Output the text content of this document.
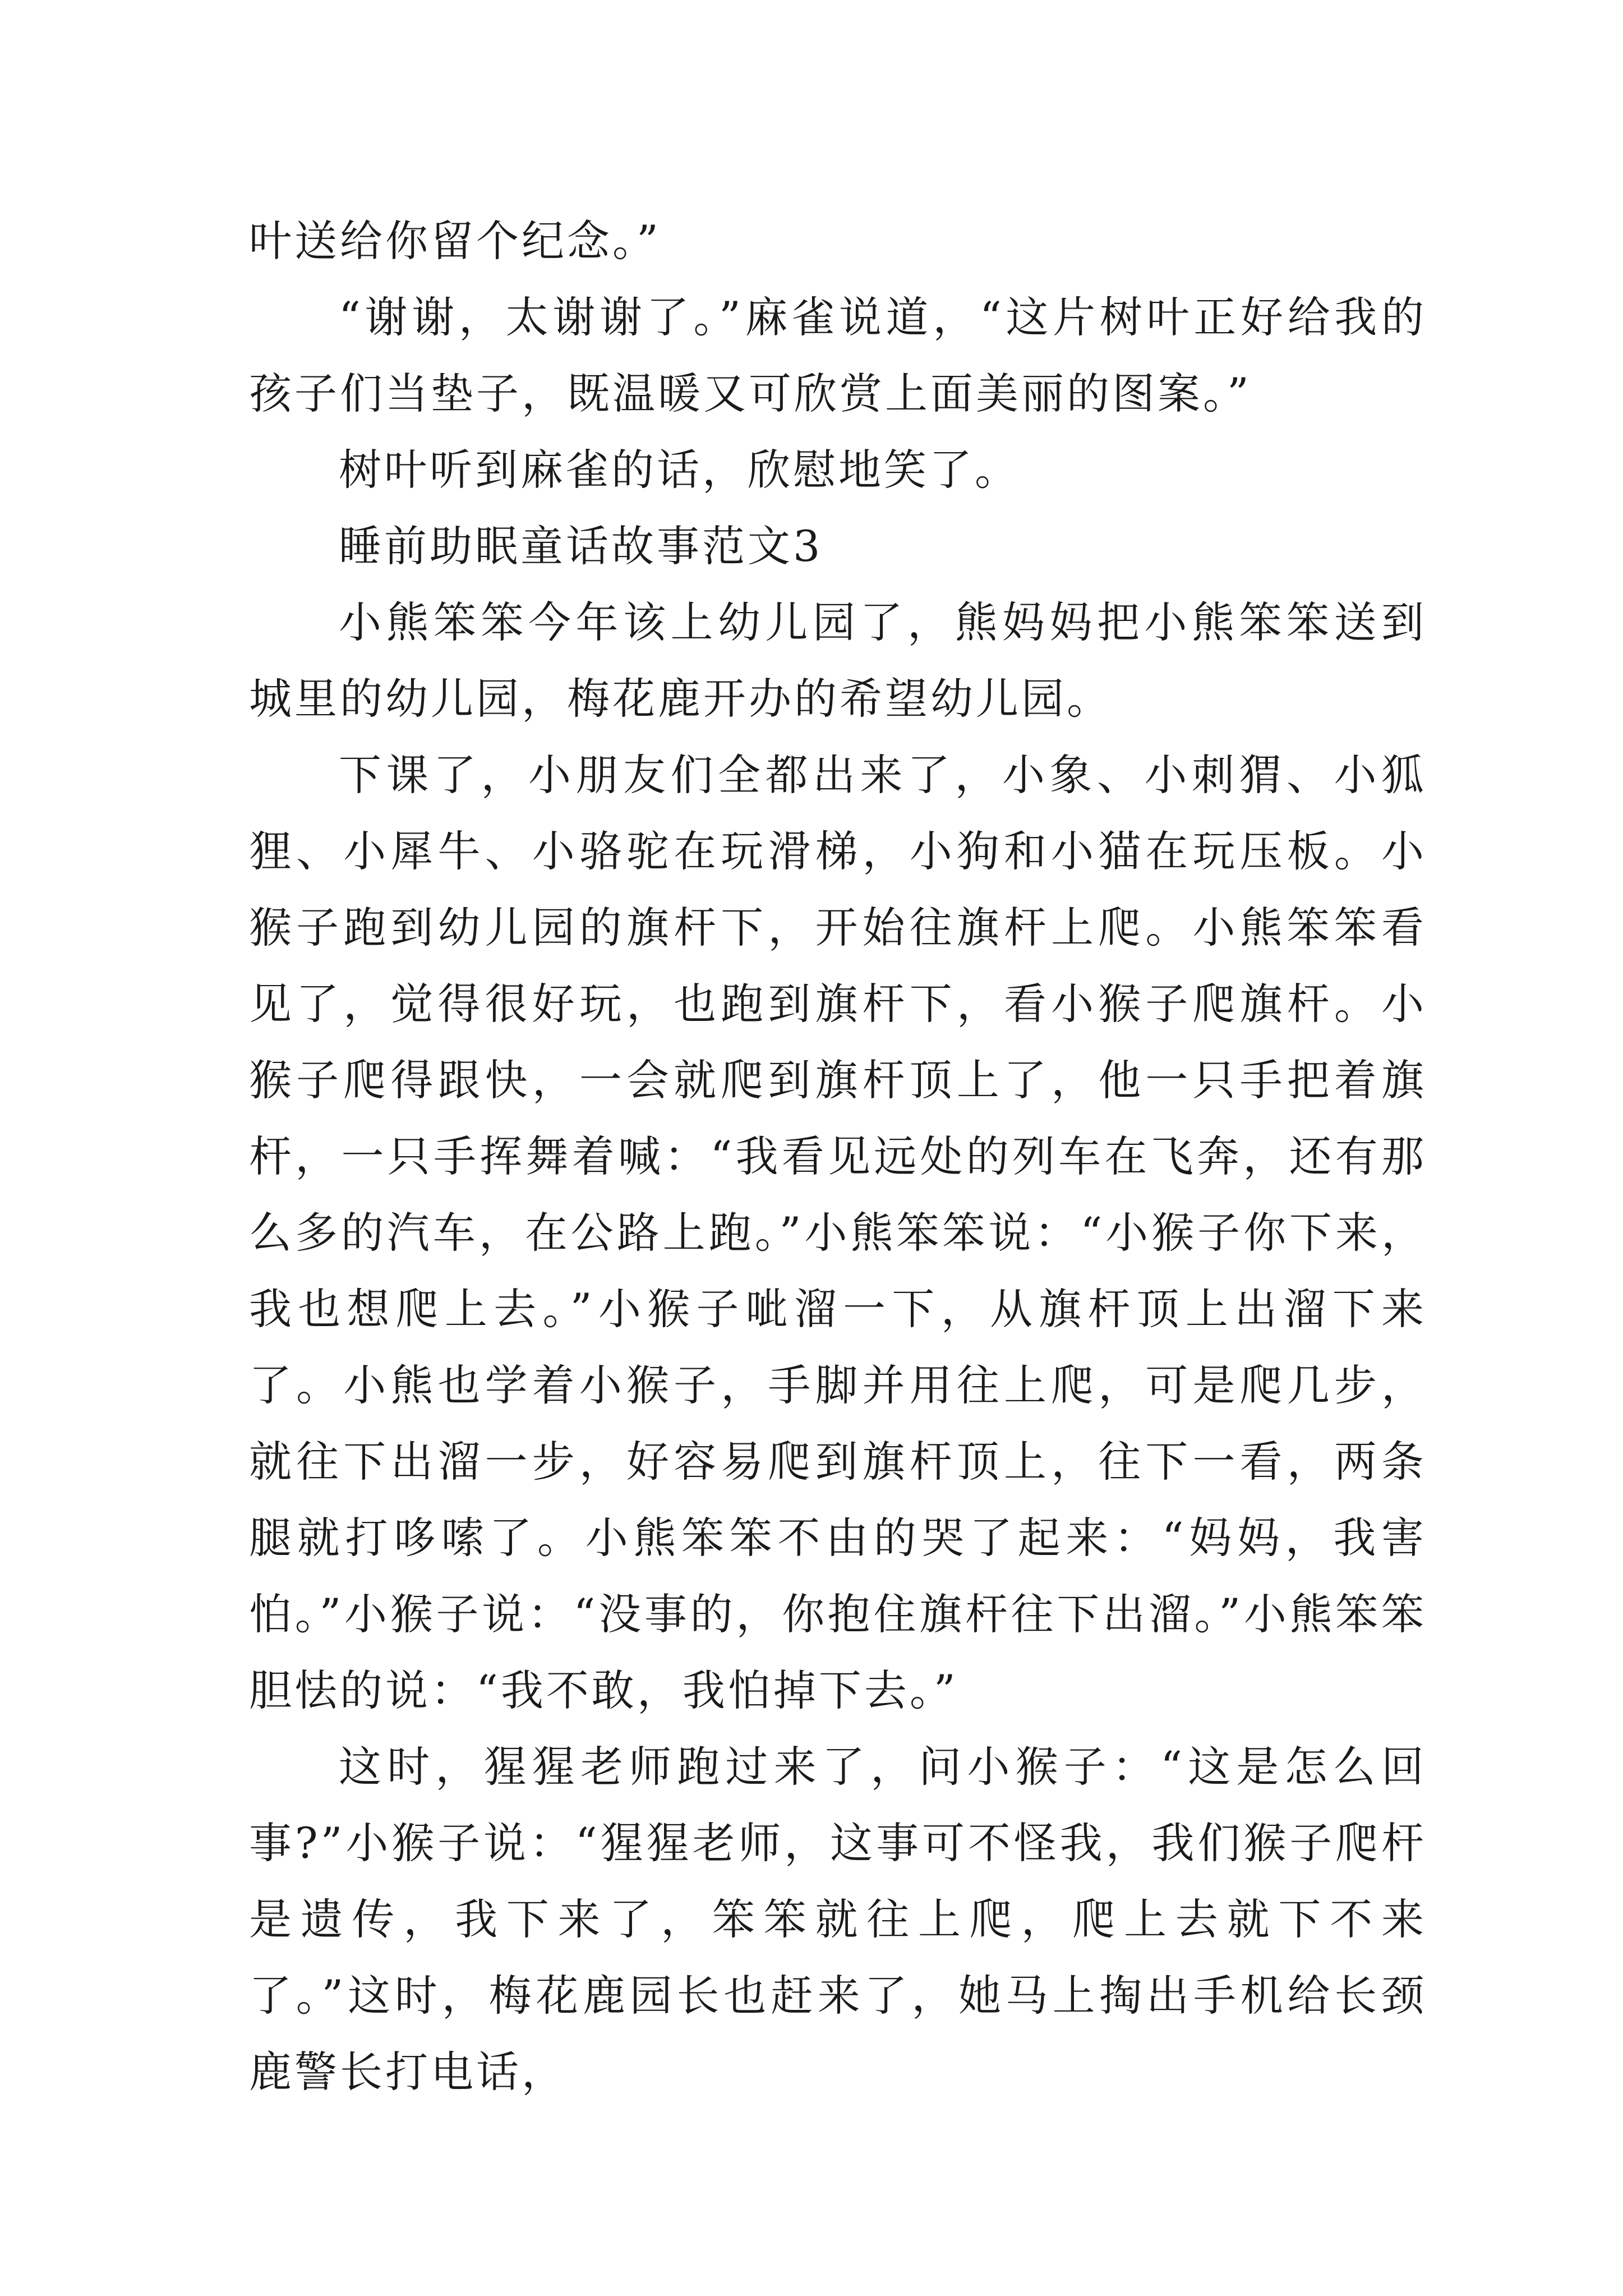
叶送给你留个纪念。”

“谢谢，太谢谢了。”麻雀说道，“这片树叶正好给我的孩子们当垫子，既温暖又可欣赏上面美丽的图案。”

树叶听到麻雀的话，欣慰地笑了。

睡前助眠童话故事范文3

小熊笨笨今年该上幼儿园了，熊妈妈把小熊笨笨送到城里的幼儿园，梅花鹿开办的希望幼儿园。

下课了，小朋友们全都出来了，小象、小刺猬、小狐狸、小犀牛、小骆驼在玩滑梯，小狗和小猫在玩压板。小猴子跑到幼儿园的旗杆下，开始往旗杆上爬。小熊笨笨看见了，觉得很好玩，也跑到旗杆下，看小猴子爬旗杆。小猴子爬得跟快，一会就爬到旗杆顶上了，他一只手把着旗杆，一只手挥舞着喊：“我看见远处的列车在飞奔，还有那么多的汽车，在公路上跑。”小熊笨笨说：“小猴子你下来，我也想爬上去。”小猴子呲溜一下，从旗杆顶上出溜下来了。小熊也学着小猴子，手脚并用往上爬，可是爬几步，就往下出溜一步，好容易爬到旗杆顶上，往下一看，两条腿就打哆嗦了。小熊笨笨不由的哭了起来：“妈妈，我害怕。”小猴子说：“没事的，你抱住旗杆往下出溜。”小熊笨笨胆怯的说：“我不敢，我怕掉下去。”

这时，猩猩老师跑过来了，问小猴子：“这是怎么回事?”小猴子说：“猩猩老师，这事可不怪我，我们猴子爬杆是遗传，我下来了，笨笨就往上爬，爬上去就下不来了。”这时，梅花鹿园长也赶来了，她马上掏出手机给长颈鹿警长打电话，
